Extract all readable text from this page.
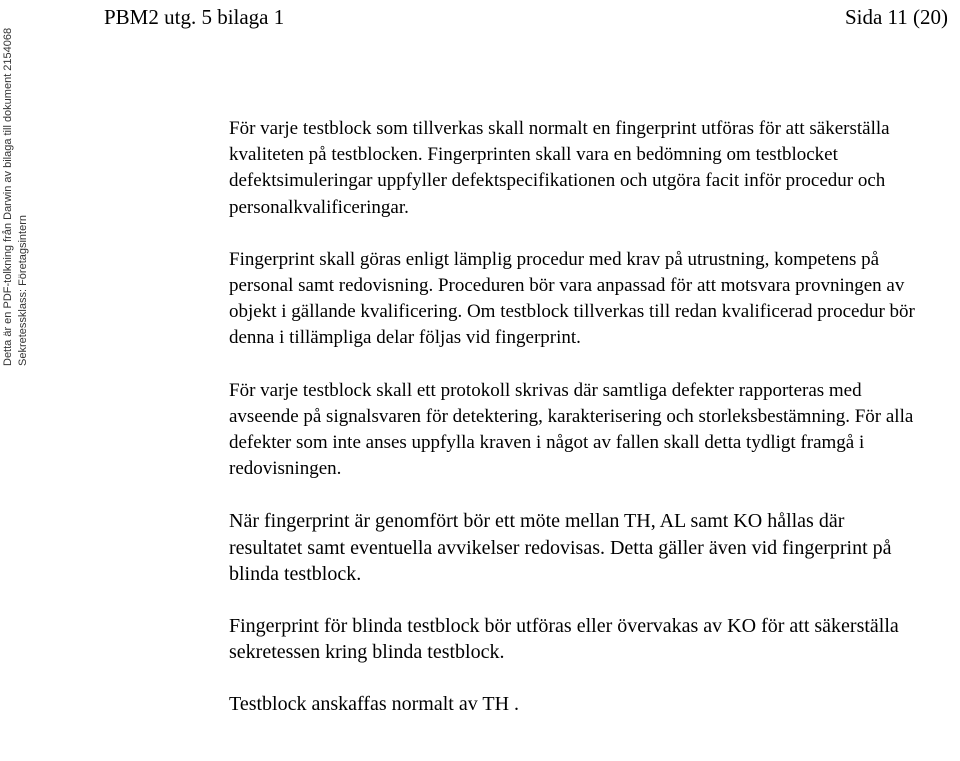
PBM2 utg. 5 bilaga 1	Sida 11 (20)
Detta är en PDF-tolkning från Darwin av bilaga till dokument 2154068 Sekretessklass: Företagsintern

För varje testblock som tillverkas skall normalt en fingerprint utföras för att säkerställa kvaliteten på testblocken. Fingerprinten skall vara en bedömning om testblocket defektsimuleringar uppfyller defektspecifikationen och utgöra facit inför procedur och personalkvalificeringar.

Fingerprint skall göras enligt lämplig procedur med krav på utrustning, kompetens på personal samt redovisning. Proceduren bör vara anpassad för att motsvara provningen av objekt i gällande kvalificering. Om testblock tillverkas till redan kvalificerad procedur bör denna i tillämpliga delar följas vid fingerprint.

För varje testblock skall ett protokoll skrivas där samtliga defekter rapporteras med avseende på signalsvaren för detektering, karakterisering och storleksbestämning. För alla defekter som inte anses uppfylla kraven i något av fallen skall detta tydligt framgå i redovisningen.

När fingerprint är genomfört bör ett möte mellan TH, AL samt KO hållas där resultatet samt eventuella avvikelser redovisas. Detta gäller även vid fingerprint på blinda testblock.

Fingerprint för blinda testblock bör utföras eller övervakas av KO för att säkerställa sekretessen kring blinda testblock.

Testblock anskaffas normalt av TH .
